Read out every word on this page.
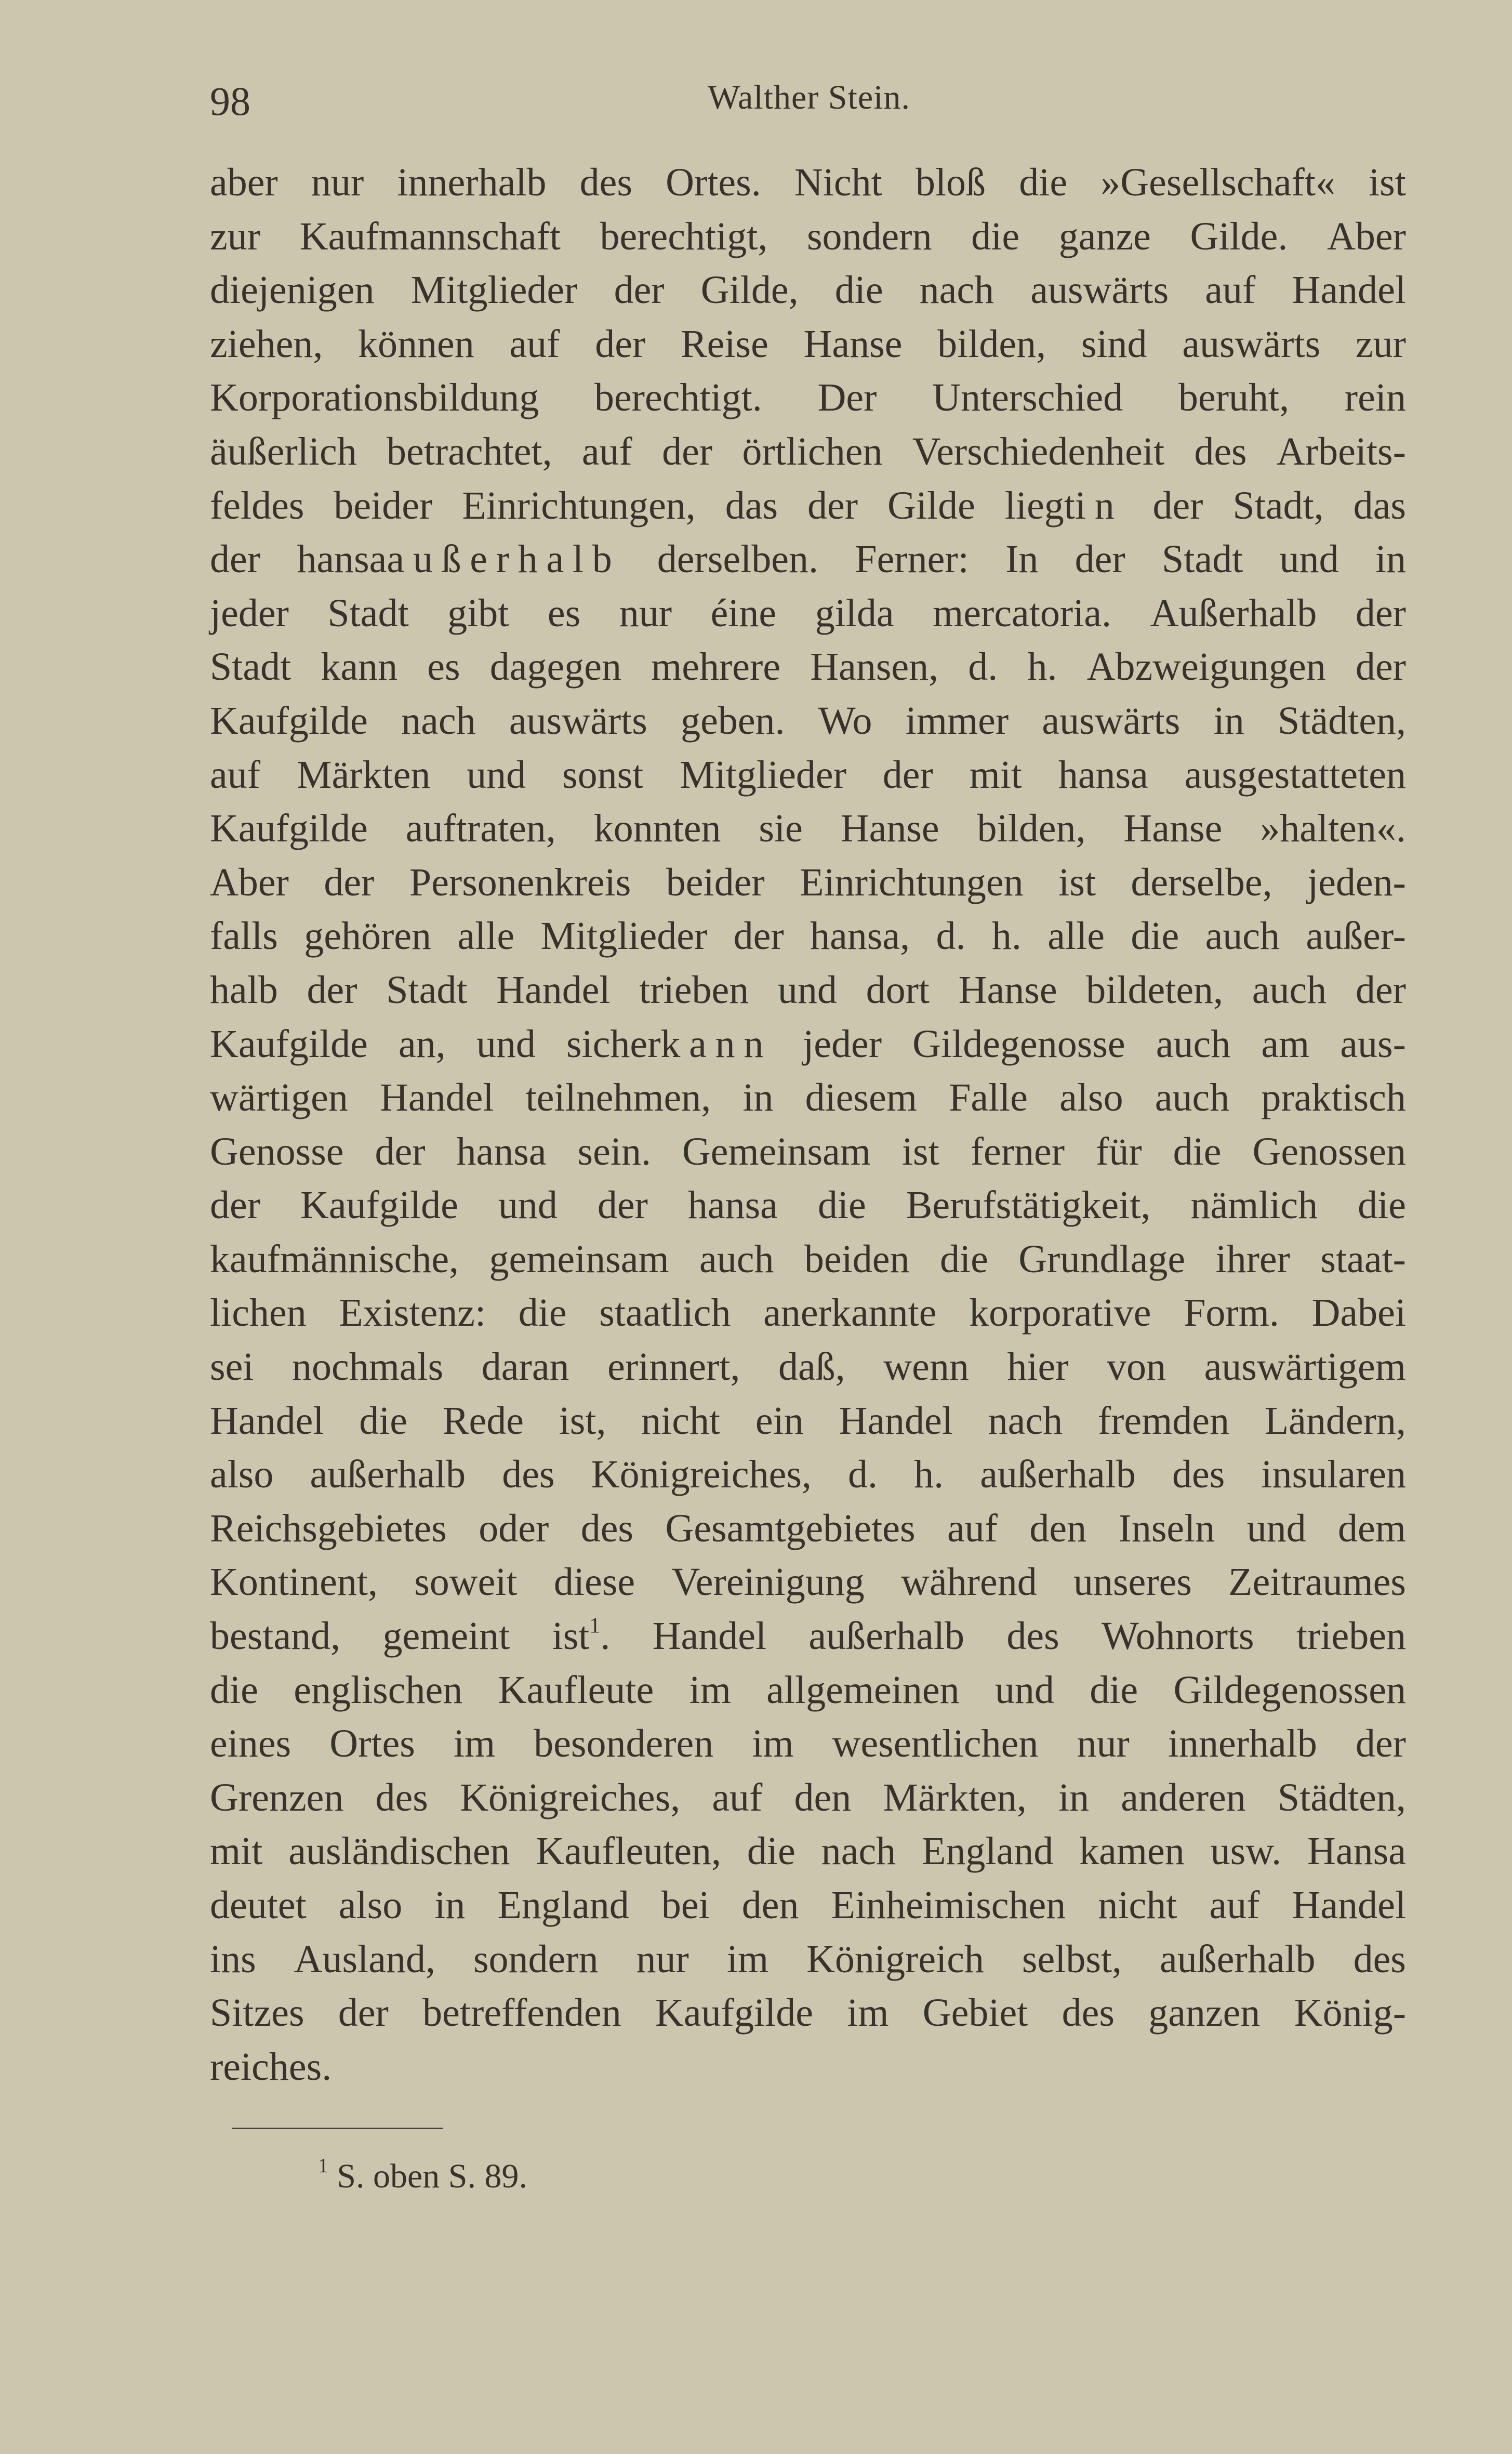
98	Walther Stein.
aber nur innerhalb des Ortes. Nicht bloß die »Gesellschaft« ist
zur Kaufmannschaft berechtigt, sondern die ganze Gilde. Aber
diejenigen Mitglieder der Gilde, die nach auswärts auf Handel
ziehen, können auf der Reise Hanse bilden, sind auswärts zur
Korporationsbildung berechtigt. Der Unterschied beruht, rein
äußerlich betrachtet, auf der örtlichen Verschiedenheit des Arbeits-
feldes beider Einrichtungen, das der Gilde liegtin der Stadt, das
der hansaaußerhalb derselben. Ferner: In der Stadt und in
jeder Stadt gibt es nur éine gilda mercatoria. Außerhalb der
Stadt kann es dagegen mehrere Hansen, d. h. Abzweigungen der
Kaufgilde nach auswärts geben. Wo immer auswärts in Städten,
auf Märkten und sonst Mitglieder der mit hansa ausgestatteten
Kaufgilde auftraten, konnten sie Hanse bilden, Hanse »halten«.
Aber der Personenkreis beider Einrichtungen ist derselbe, jeden-
falls gehören alle Mitglieder der hansa, d. h. alle die auch außer-
halb der Stadt Handel trieben und dort Hanse bildeten, auch der
Kaufgilde an, und sicherkann jeder Gildegenosse auch am aus-
wärtigen Handel teilnehmen, in diesem Falle also auch praktisch
Genosse der hansa sein. Gemeinsam ist ferner für die Genossen
der Kaufgilde und der hansa die Berufstätigkeit, nämlich die
kaufmännische, gemeinsam auch beiden die Grundlage ihrer staat-
lichen Existenz: die staatlich anerkannte korporative Form. Dabei
sei nochmals daran erinnert, daß, wenn hier von auswärtigem
Handel die Rede ist, nicht ein Handel nach fremden Ländern,
also außerhalb des Königreiches, d. h. außerhalb des insularen
Reichsgebietes oder des Gesamtgebietes auf den Inseln und dem
Kontinent, soweit diese Vereinigung während unseres Zeitraumes
bestand, gemeint ist$^1$. Handel außerhalb des Wohnorts trieben
die englischen Kaufleute im allgemeinen und die Gildegenossen
eines Ortes im besonderen im wesentlichen nur innerhalb der
Grenzen des Königreiches, auf den Märkten, in anderen Städten,
mit ausländischen Kaufleuten, die nach England kamen usw. Hansa
deutet also in England bei den Einheimischen nicht auf Handel
ins Ausland, sondern nur im Königreich selbst, außerhalb des
Sitzes der betreffenden Kaufgilde im Gebiet des ganzen König-
reiches.
$^1$ S. oben S. 89.
